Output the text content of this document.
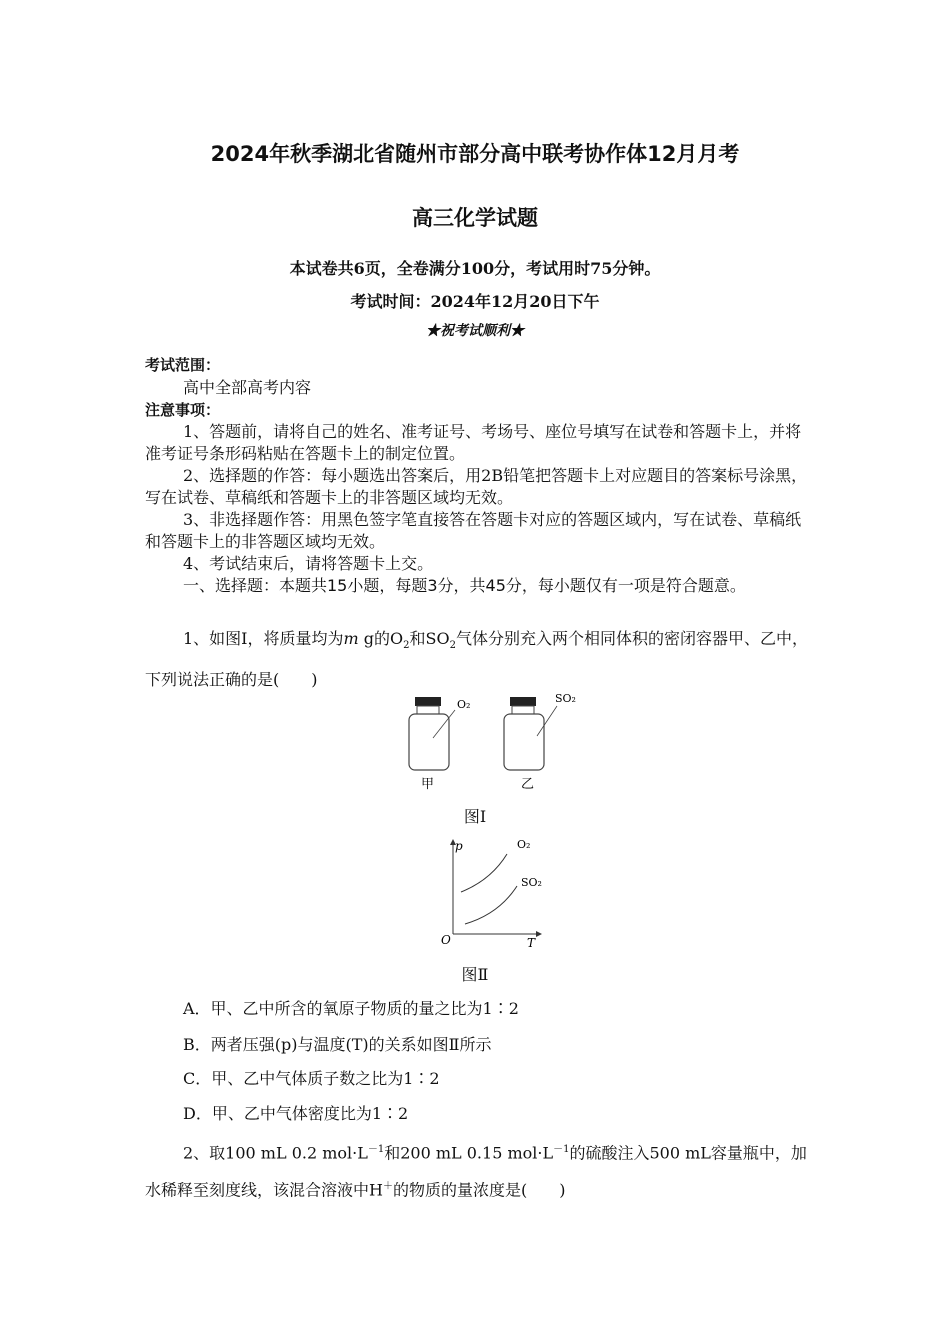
2024年秋季湖北省随州市部分高中联考协作体12月月考
高三化学试题
本试卷共6页，全卷满分100分，考试用时75分钟。
考试时间：2024年12月20日下午
★祝考试顺利★
考试范围：
高中全部高考内容
注意事项：

1、答题前，请将自己的姓名、准考证号、考场号、座位号填写在试卷和答题卡上，并将准考证号条形码粘贴在答题卡上的制定位置。

2、选择题的作答：每小题选出答案后，用2B铅笔把答题卡上对应题目的答案标号涂黑，写在试卷、草稿纸和答题卡上的非答题区域均无效。

3、非选择题作答：用黑色签字笔直接答在答题卡对应的答题区域内，写在试卷、草稿纸和答题卡上的非答题区域均无效。

4、考试结束后，请将答题卡上交。

一、选择题：本题共15小题，每题3分，共45分，每小题仅有一项是符合题意。
1、如图Ⅰ，将质量均为m g的$O_2$和$SO_2$气体分别充入两个相同体积的密闭容器甲、乙中，下列说法正确的是(　　)
O₂
甲
SO₂
乙
图Ⅰ
p
T
O
O₂
SO₂
图Ⅱ
A．甲、乙中所含的氧原子物质的量之比为1∶2
B．两者压强(p)与温度(T)的关系如图Ⅱ所示
C．甲、乙中气体质子数之比为1∶2
D．甲、乙中气体密度比为1∶2
2、取100 mL 0.2 $mol\cdot L^{-1}$和200 mL 0.15 $mol\cdot L^{-1}$的硫酸注入500 mL容量瓶中，加水稀释至刻度线，该混合溶液中H＋的物质的量浓度是(　　)
